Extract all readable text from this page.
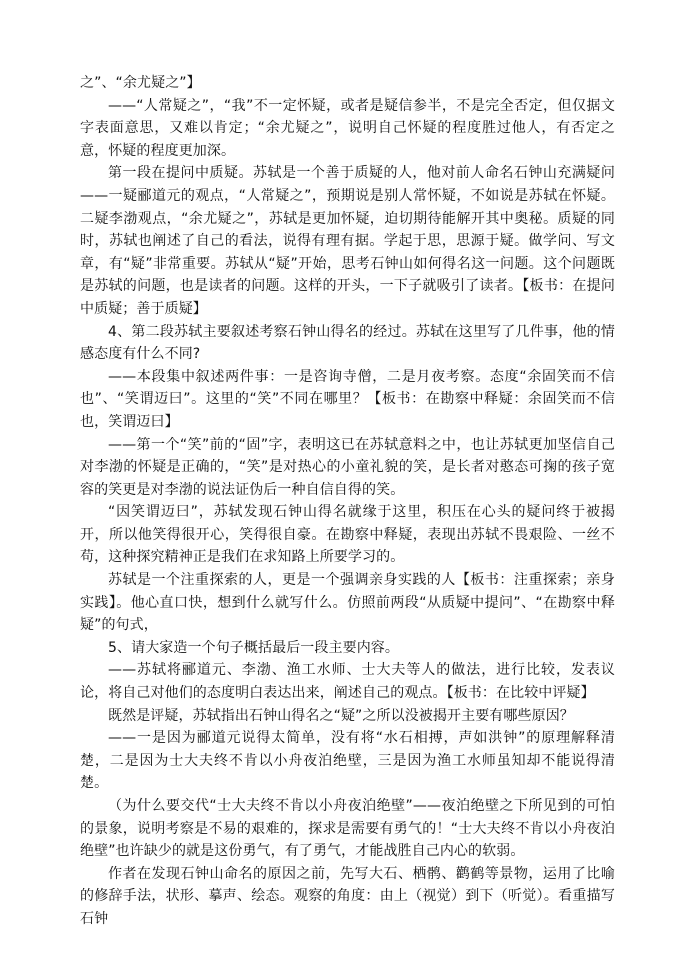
之”、“余尤疑之”】

——“人常疑之”，“我”不一定怀疑，或者是疑信参半，不是完全否定，但仅据文字表面意思，又难以肯定；“余尤疑之”，说明自己怀疑的程度胜过他人，有否定之意，怀疑的程度更加深。

第一段在提问中质疑。苏轼是一个善于质疑的人，他对前人命名石钟山充满疑问——一疑郦道元的观点，“人常疑之”，预期说是别人常怀疑，不如说是苏轼在怀疑。二疑李渤观点，“余尤疑之”，苏轼是更加怀疑，迫切期待能解开其中奥秘。质疑的同时，苏轼也阐述了自己的看法，说得有理有据。学起于思，思源于疑。做学问、写文章，有“疑”非常重要。苏轼从“疑”开始，思考石钟山如何得名这一问题。这个问题既是苏轼的问题，也是读者的问题。这样的开头，一下子就吸引了读者。【板书：在提问中质疑；善于质疑】

4、第二段苏轼主要叙述考察石钟山得名的经过。苏轼在这里写了几件事，他的情感态度有什么不同?

——本段集中叙述两件事：一是咨询寺僧，二是月夜考察。态度“余固笑而不信也”、“笑谓迈曰”。这里的“笑”不同在哪里？【板书：在勘察中释疑：余固笑而不信也，笑谓迈曰】

——第一个“笑”前的“固”字，表明这已在苏轼意料之中，也让苏轼更加坚信自己对李渤的怀疑是正确的，“笑”是对热心的小童礼貌的笑，是长者对憨态可掬的孩子宽容的笑更是对李渤的说法证伪后一种自信自得的笑。

“因笑谓迈曰”，苏轼发现石钟山得名就缘于这里，积压在心头的疑问终于被揭开，所以他笑得很开心，笑得很自豪。在勘察中释疑，表现出苏轼不畏艰险、一丝不苟，这种探究精神正是我们在求知路上所要学习的。

苏轼是一个注重探索的人，更是一个强调亲身实践的人【板书：注重探索；亲身实践】。他心直口快，想到什么就写什么。仿照前两段“从质疑中提问”、“在勘察中释疑”的句式，

5、请大家造一个句子概括最后一段主要内容。

——苏轼将郦道元、李渤、渔工水师、士大夫等人的做法，进行比较，发表议论，将自己对他们的态度明白表达出来，阐述自己的观点。【板书：在比较中评疑】

既然是评疑，苏轼指出石钟山得名之“疑”之所以没被揭开主要有哪些原因？

——一是因为郦道元说得太简单，没有将“水石相搏，声如洪钟”的原理解释清楚，二是因为士大夫终不肯以小舟夜泊绝壁，三是因为渔工水师虽知却不能说得清楚。

（为什么要交代“士大夫终不肯以小舟夜泊绝壁”——夜泊绝壁之下所见到的可怕的景象，说明考察是不易的艰难的，探求是需要有勇气的！“士大夫终不肯以小舟夜泊绝壁”也许缺少的就是这份勇气，有了勇气，才能战胜自己内心的软弱。

作者在发现石钟山命名的原因之前，先写大石、栖鹘、鹳鹤等景物，运用了比喻的修辞手法，状形、摹声、绘态。观察的角度：由上（视觉）到下（听觉）。看重描写石钟
